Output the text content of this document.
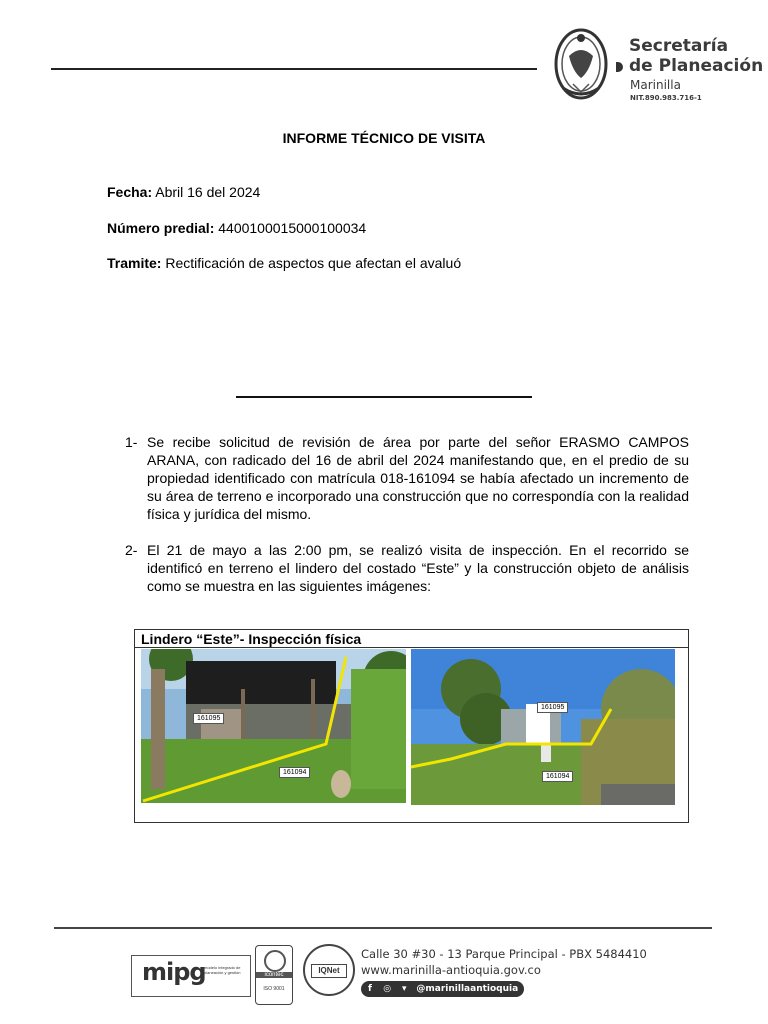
Secretaría
de Planeación
Marinilla
NIT.890.983.716-1
INFORME TÉCNICO DE VISITA
Fecha: Abril 16 del 2024
Número predial: 4400100015000100034
Tramite: Rectificación de aspectos que afectan el avaluó
1- Se recibe solicitud de revisión de área por parte del señor ERASMO CAMPOS ARANA, con radicado del 16 de abril del 2024 manifestando que, en el predio de su propiedad identificado con matrícula 018-161094 se había afectado un incremento de su área de terreno e incorporado una construcción que no correspondía con la realidad física y jurídica del mismo.
2- El 21 de mayo a las 2:00 pm, se realizó visita de inspección. En el recorrido se identificó en terreno el lindero del costado “Este” y la construcción objeto de análisis como se muestra en las siguientes imágenes:
Lindero “Este”- Inspección física
161095
161094
161095
161094
mipg
modelo integrado de planeación y gestión	icontec
ISO 9001
IQNet
Calle 30 #30 - 13 Parque Principal - PBX 5484410
www.marinilla-antioquia.gov.co
f ◎ ▾ @marinillaantioquia
